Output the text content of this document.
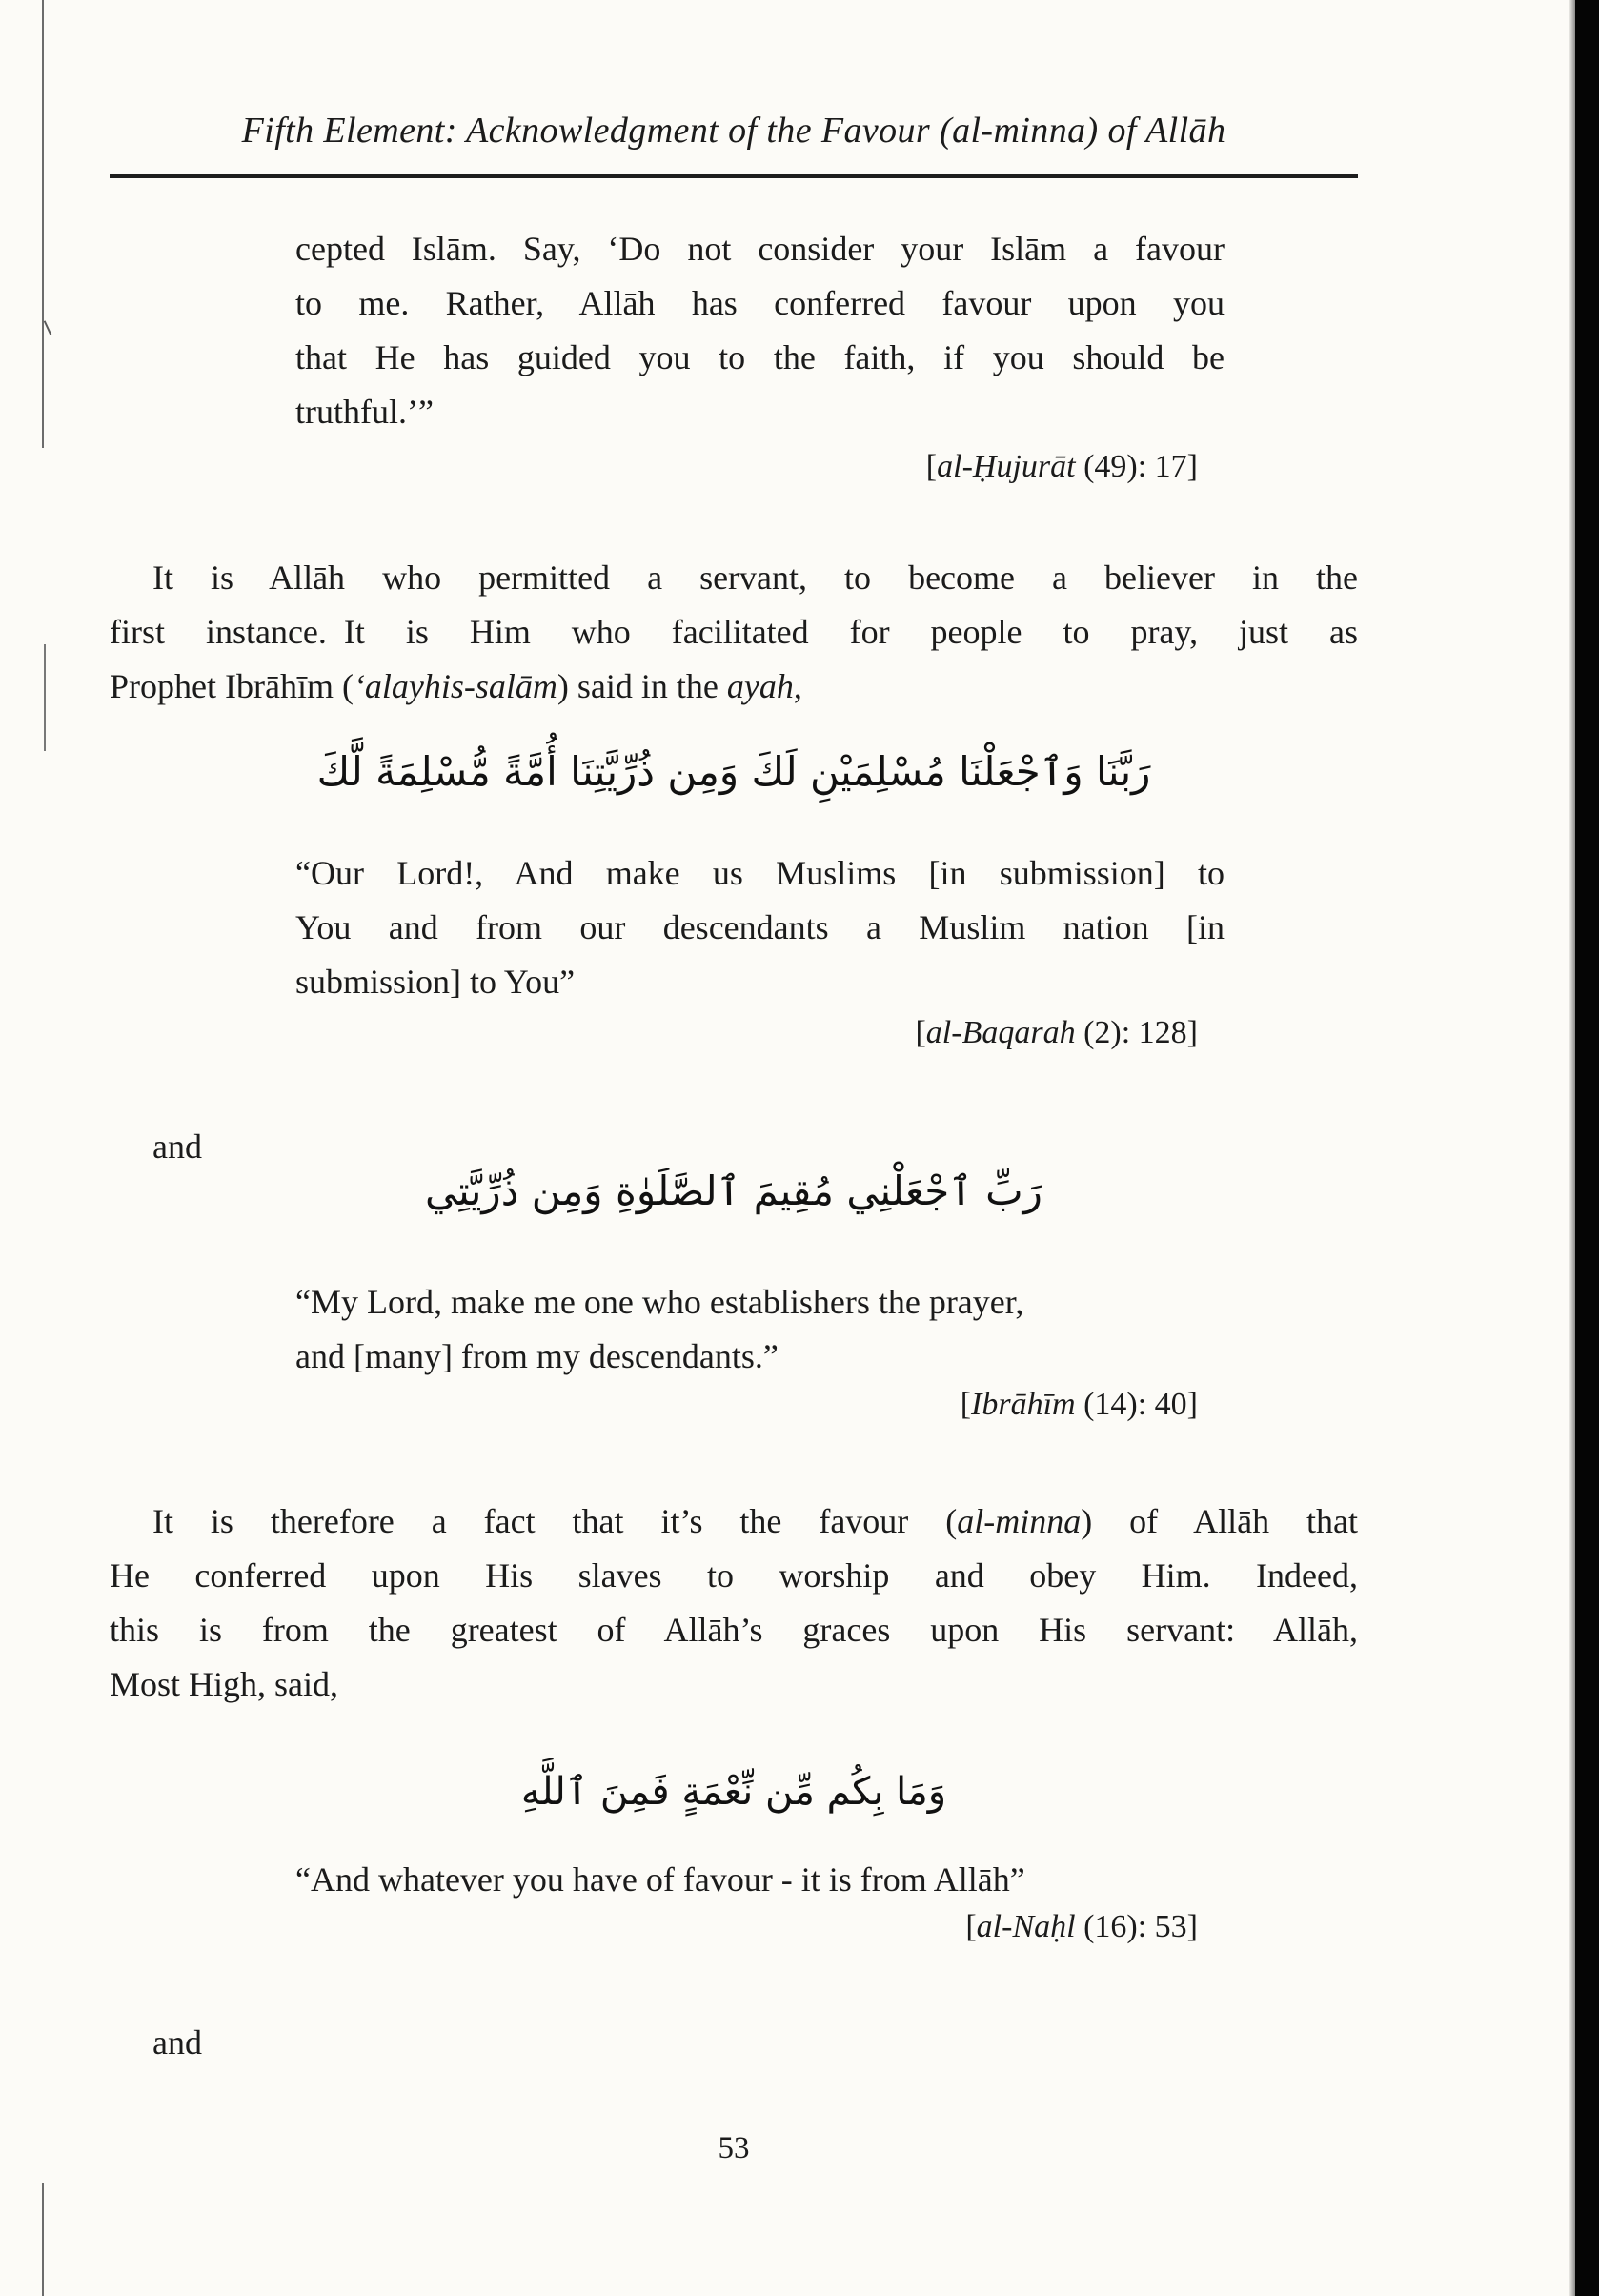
Fifth Element: Acknowledgment of the Favour (al-minna) of Allāh
cepted Islām. Say, ‘Do not consider your Islām a favour
to me. Rather, Allāh has conferred favour upon you
that He has guided you to the faith, if you should be
truthful.’”
[al-Ḥujurāt (49): 17]
It is Allāh who permitted a servant, to become a believer in the
first instance. It is Him who facilitated for people to pray, just as
Prophet Ibrāhīm (‘alayhis-salām) said in the ayah,
رَبَّنَا وَٱجْعَلْنَا مُسْلِمَيْنِ لَكَ وَمِن ذُرِّيَّتِنَا أُمَّةً مُّسْلِمَةً لَّكَ
“Our Lord!, And make us Muslims [in submission] to
You and from our descendants a Muslim nation [in
submission] to You”
[al-Baqarah (2): 128]
and
رَبِّ ٱجْعَلْنِي مُقِيمَ ٱلصَّلَوٰةِ وَمِن ذُرِّيَّتِي
“My Lord, make me one who establishers the prayer,
and [many] from my descendants.”
[Ibrāhīm (14): 40]
It is therefore a fact that it’s the favour (al-minna) of Allāh that
He conferred upon His slaves to worship and obey Him. Indeed,
this is from the greatest of Allāh’s graces upon His servant: Allāh,
Most High, said,
وَمَا بِكُم مِّن نِّعْمَةٍ فَمِنَ ٱللَّهِ
“And whatever you have of favour - it is from Allāh”
[al-Naḥl (16): 53]
and
53
